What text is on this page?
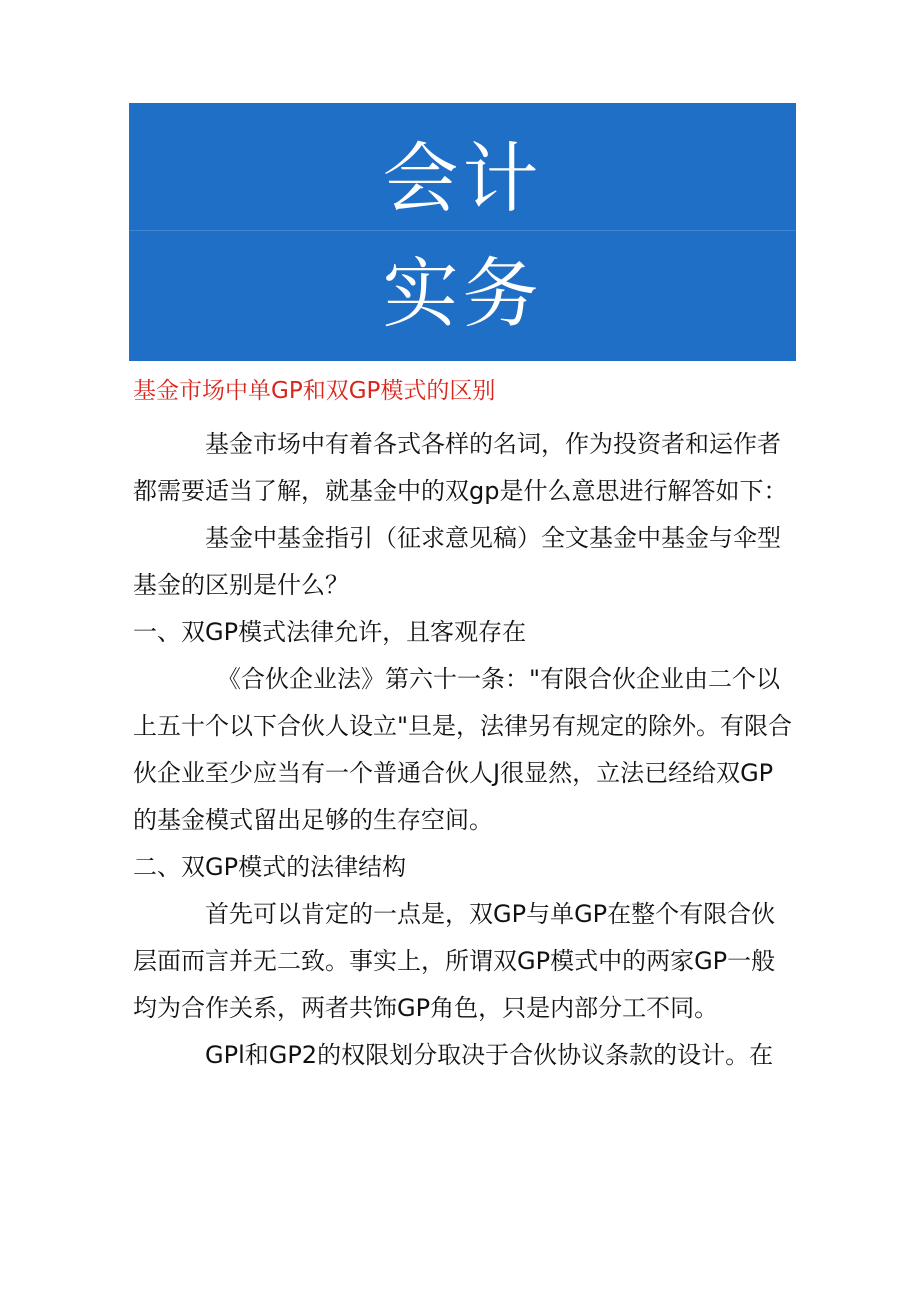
会计
实务
基金市场中单GP和双GP模式的区别

基金市场中有着各式各样的名词，作为投资者和运作者都需要适当了解，就基金中的双gp是什么意思进行解答如下：

基金中基金指引（征求意见稿）全文基金中基金与伞型基金的区别是什么？

一、双GP模式法律允许，且客观存在

《合伙企业法》第六十一条："有限合伙企业由二个以上五十个以下合伙人设立"旦是，法律另有规定的除外。有限合伙企业至少应当有一个普通合伙人J很显然，立法已经给双GP的基金模式留出足够的生存空间。

二、双GP模式的法律结构

首先可以肯定的一点是，双GP与单GP在整个有限合伙层面而言并无二致。事实上，所谓双GP模式中的两家GP一般均为合作关系，两者共饰GP角色，只是内部分工不同。

GPl和GP2的权限划分取决于合伙协议条款的设计。在
